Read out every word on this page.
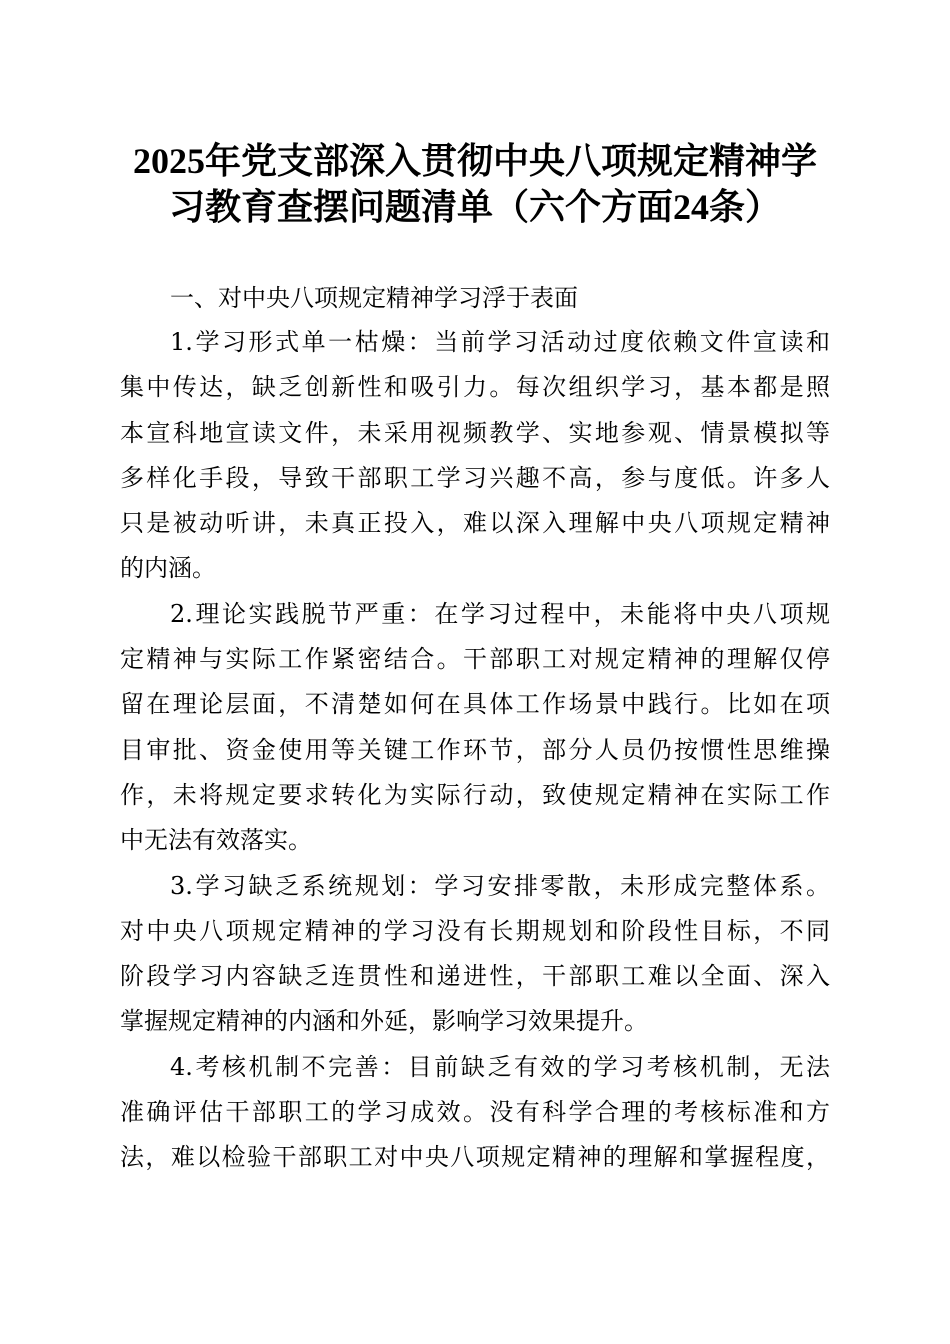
2025年党支部深入贯彻中央八项规定精神学
习教育查摆问题清单（六个方面24条）
一、对中央八项规定精神学习浮于表面
1.学习形式单一枯燥：当前学习活动过度依赖文件宣读和
集中传达，缺乏创新性和吸引力。每次组织学习，基本都是照
本宣科地宣读文件，未采用视频教学、实地参观、情景模拟等
多样化手段，导致干部职工学习兴趣不高，参与度低。许多人
只是被动听讲，未真正投入，难以深入理解中央八项规定精神
的内涵。
2.理论实践脱节严重：在学习过程中，未能将中央八项规
定精神与实际工作紧密结合。干部职工对规定精神的理解仅停
留在理论层面，不清楚如何在具体工作场景中践行。比如在项
目审批、资金使用等关键工作环节，部分人员仍按惯性思维操
作，未将规定要求转化为实际行动，致使规定精神在实际工作
中无法有效落实。
3.学习缺乏系统规划：学习安排零散，未形成完整体系。
对中央八项规定精神的学习没有长期规划和阶段性目标，不同
阶段学习内容缺乏连贯性和递进性，干部职工难以全面、深入
掌握规定精神的内涵和外延，影响学习效果提升。
4.考核机制不完善：目前缺乏有效的学习考核机制，无法
准确评估干部职工的学习成效。没有科学合理的考核标准和方
法，难以检验干部职工对中央八项规定精神的理解和掌握程度，
